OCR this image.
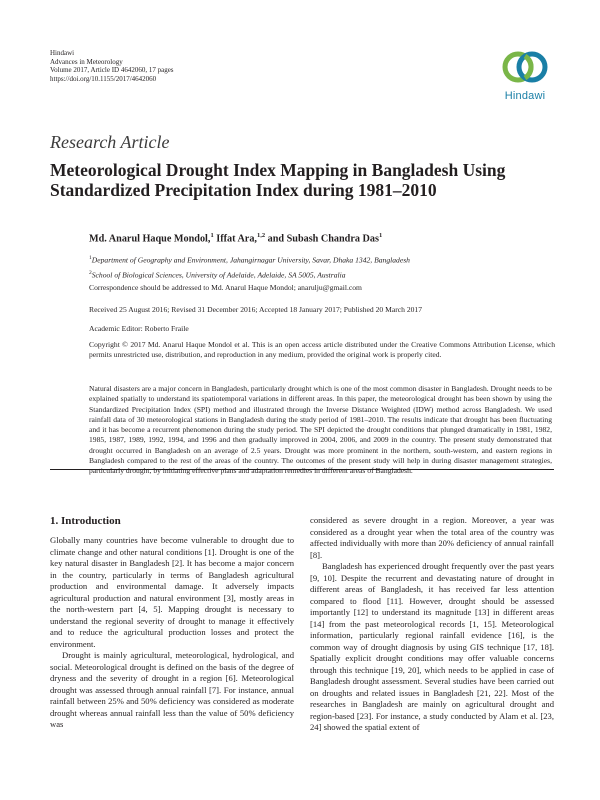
Hindawi
Advances in Meteorology
Volume 2017, Article ID 4642060, 17 pages
https://doi.org/10.1155/2017/4642060
Hindawi
Research Article
Meteorological Drought Index Mapping in Bangladesh Using Standardized Precipitation Index during 1981–2010
Md. Anarul Haque Mondol,$^1$ Iffat Ara,$^{1,2}$ and Subash Chandra Das$^1$
$^1$Department of Geography and Environment, Jahangirnagar University, Savar, Dhaka 1342, Bangladesh
$^2$School of Biological Sciences, University of Adelaide, Adelaide, SA 5005, Australia
Correspondence should be addressed to Md. Anarul Haque Mondol; anarulju@gmail.com
Received 25 August 2016; Revised 31 December 2016; Accepted 18 January 2017; Published 20 March 2017
Academic Editor: Roberto Fraile
Copyright © 2017 Md. Anarul Haque Mondol et al. This is an open access article distributed under the Creative Commons Attribution License, which permits unrestricted use, distribution, and reproduction in any medium, provided the original work is properly cited.
Natural disasters are a major concern in Bangladesh, particularly drought which is one of the most common disaster in Bangladesh. Drought needs to be explained spatially to understand its spatiotemporal variations in different areas. In this paper, the meteorological drought has been shown by using the Standardized Precipitation Index (SPI) method and illustrated through the Inverse Distance Weighted (IDW) method across Bangladesh. We used rainfall data of 30 meteorological stations in Bangladesh during the study period of 1981–2010. The results indicate that drought has been fluctuating and it has become a recurrent phenomenon during the study period. The SPI depicted the drought conditions that plunged dramatically in 1981, 1982, 1985, 1987, 1989, 1992, 1994, and 1996 and then gradually improved in 2004, 2006, and 2009 in the country. The present study demonstrated that drought occurred in Bangladesh on an average of 2.5 years. Drought was more prominent in the northern, south-western, and eastern regions in Bangladesh compared to the rest of the areas of the country. The outcomes of the present study will help in during disaster management strategies, particularly drought, by initiating effective plans and adaptation remedies in different areas of Bangladesh.
1. Introduction

Globally many countries have become vulnerable to drought due to climate change and other natural conditions [1]. Drought is one of the key natural disaster in Bangladesh [2]. It has become a major concern in the country, particularly in terms of Bangladesh agricultural production and environmental damage. It adversely impacts agricultural production and natural environment [3], mostly areas in the north-western part [4, 5]. Mapping drought is necessary to understand the regional severity of drought to manage it effectively and to reduce the agricultural production losses and protect the environment.

Drought is mainly agricultural, meteorological, hydrological, and social. Meteorological drought is defined on the basis of the degree of dryness and the severity of drought in a region [6]. Meteorological drought was assessed through annual rainfall [7]. For instance, annual rainfall between 25% and 50% deficiency was considered as moderate drought whereas annual rainfall less than the value of 50% deficiency was

considered as severe drought in a region. Moreover, a year was considered as a drought year when the total area of the country was affected individually with more than 20% deficiency of annual rainfall [8].

Bangladesh has experienced drought frequently over the past years [9, 10]. Despite the recurrent and devastating nature of drought in different areas of Bangladesh, it has received far less attention compared to flood [11]. However, drought should be assessed importantly [12] to understand its magnitude [13] in different areas [14] from the past meteorological records [1, 15]. Meteorological information, particularly regional rainfall evidence [16], is the common way of drought diagnosis by using GIS technique [17, 18]. Spatially explicit drought conditions may offer valuable concerns through this technique [19, 20], which needs to be applied in case of Bangladesh drought assessment. Several studies have been carried out on droughts and related issues in Bangladesh [21, 22]. Most of the researches in Bangladesh are mainly on agricultural drought and region-based [23]. For instance, a study conducted by Alam et al. [23, 24] showed the spatial extent of
